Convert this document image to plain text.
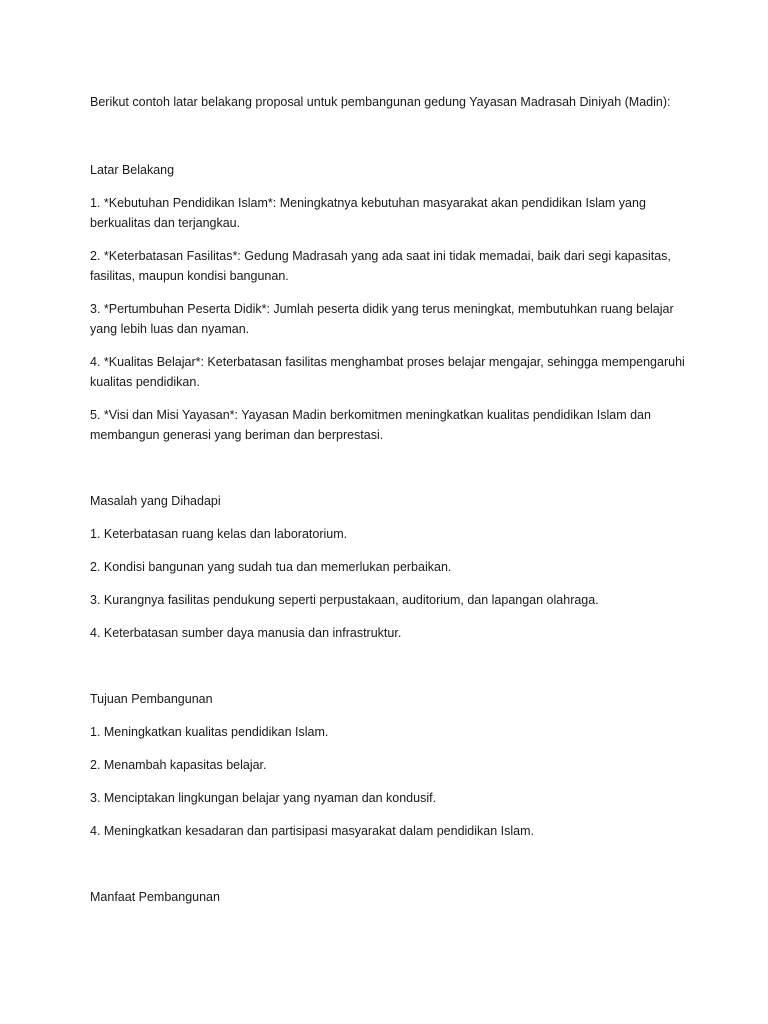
Berikut contoh latar belakang proposal untuk pembangunan gedung Yayasan Madrasah Diniyah (Madin):

Latar Belakang

1. *Kebutuhan Pendidikan Islam*: Meningkatnya kebutuhan masyarakat akan pendidikan Islam yang berkualitas dan terjangkau.

2. *Keterbatasan Fasilitas*: Gedung Madrasah yang ada saat ini tidak memadai, baik dari segi kapasitas, fasilitas, maupun kondisi bangunan.

3. *Pertumbuhan Peserta Didik*: Jumlah peserta didik yang terus meningkat, membutuhkan ruang belajar yang lebih luas dan nyaman.

4. *Kualitas Belajar*: Keterbatasan fasilitas menghambat proses belajar mengajar, sehingga mempengaruhi kualitas pendidikan.

5. *Visi dan Misi Yayasan*: Yayasan Madin berkomitmen meningkatkan kualitas pendidikan Islam dan membangun generasi yang beriman dan berprestasi.

Masalah yang Dihadapi

1. Keterbatasan ruang kelas dan laboratorium.

2. Kondisi bangunan yang sudah tua dan memerlukan perbaikan.

3. Kurangnya fasilitas pendukung seperti perpustakaan, auditorium, dan lapangan olahraga.

4. Keterbatasan sumber daya manusia dan infrastruktur.

Tujuan Pembangunan

1. Meningkatkan kualitas pendidikan Islam.

2. Menambah kapasitas belajar.

3. Menciptakan lingkungan belajar yang nyaman dan kondusif.

4. Meningkatkan kesadaran dan partisipasi masyarakat dalam pendidikan Islam.

Manfaat Pembangunan
